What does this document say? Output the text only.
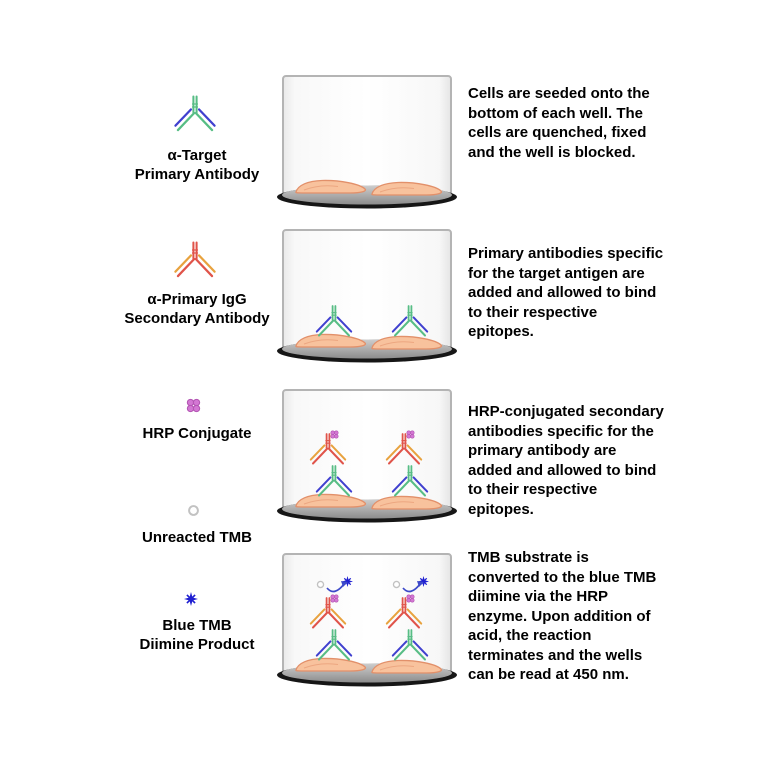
α-Target
Primary Antibody

Cells are seeded onto the bottom of each well. The cells are quenched, fixed and the well is blocked.

α-Primary IgG
Secondary Antibody

Primary antibodies specific for the target antigen are added and allowed to bind to their respective epitopes.

HRP Conjugate
Unreacted TMB

HRP-conjugated secondary antibodies specific for the primary antibody are added and allowed to bind to their respective epitopes.

Blue TMB
Diimine Product

TMB substrate is converted to the blue TMB diimine via the HRP enzyme. Upon addition of acid, the reaction terminates and the wells can be read at 450 nm.
